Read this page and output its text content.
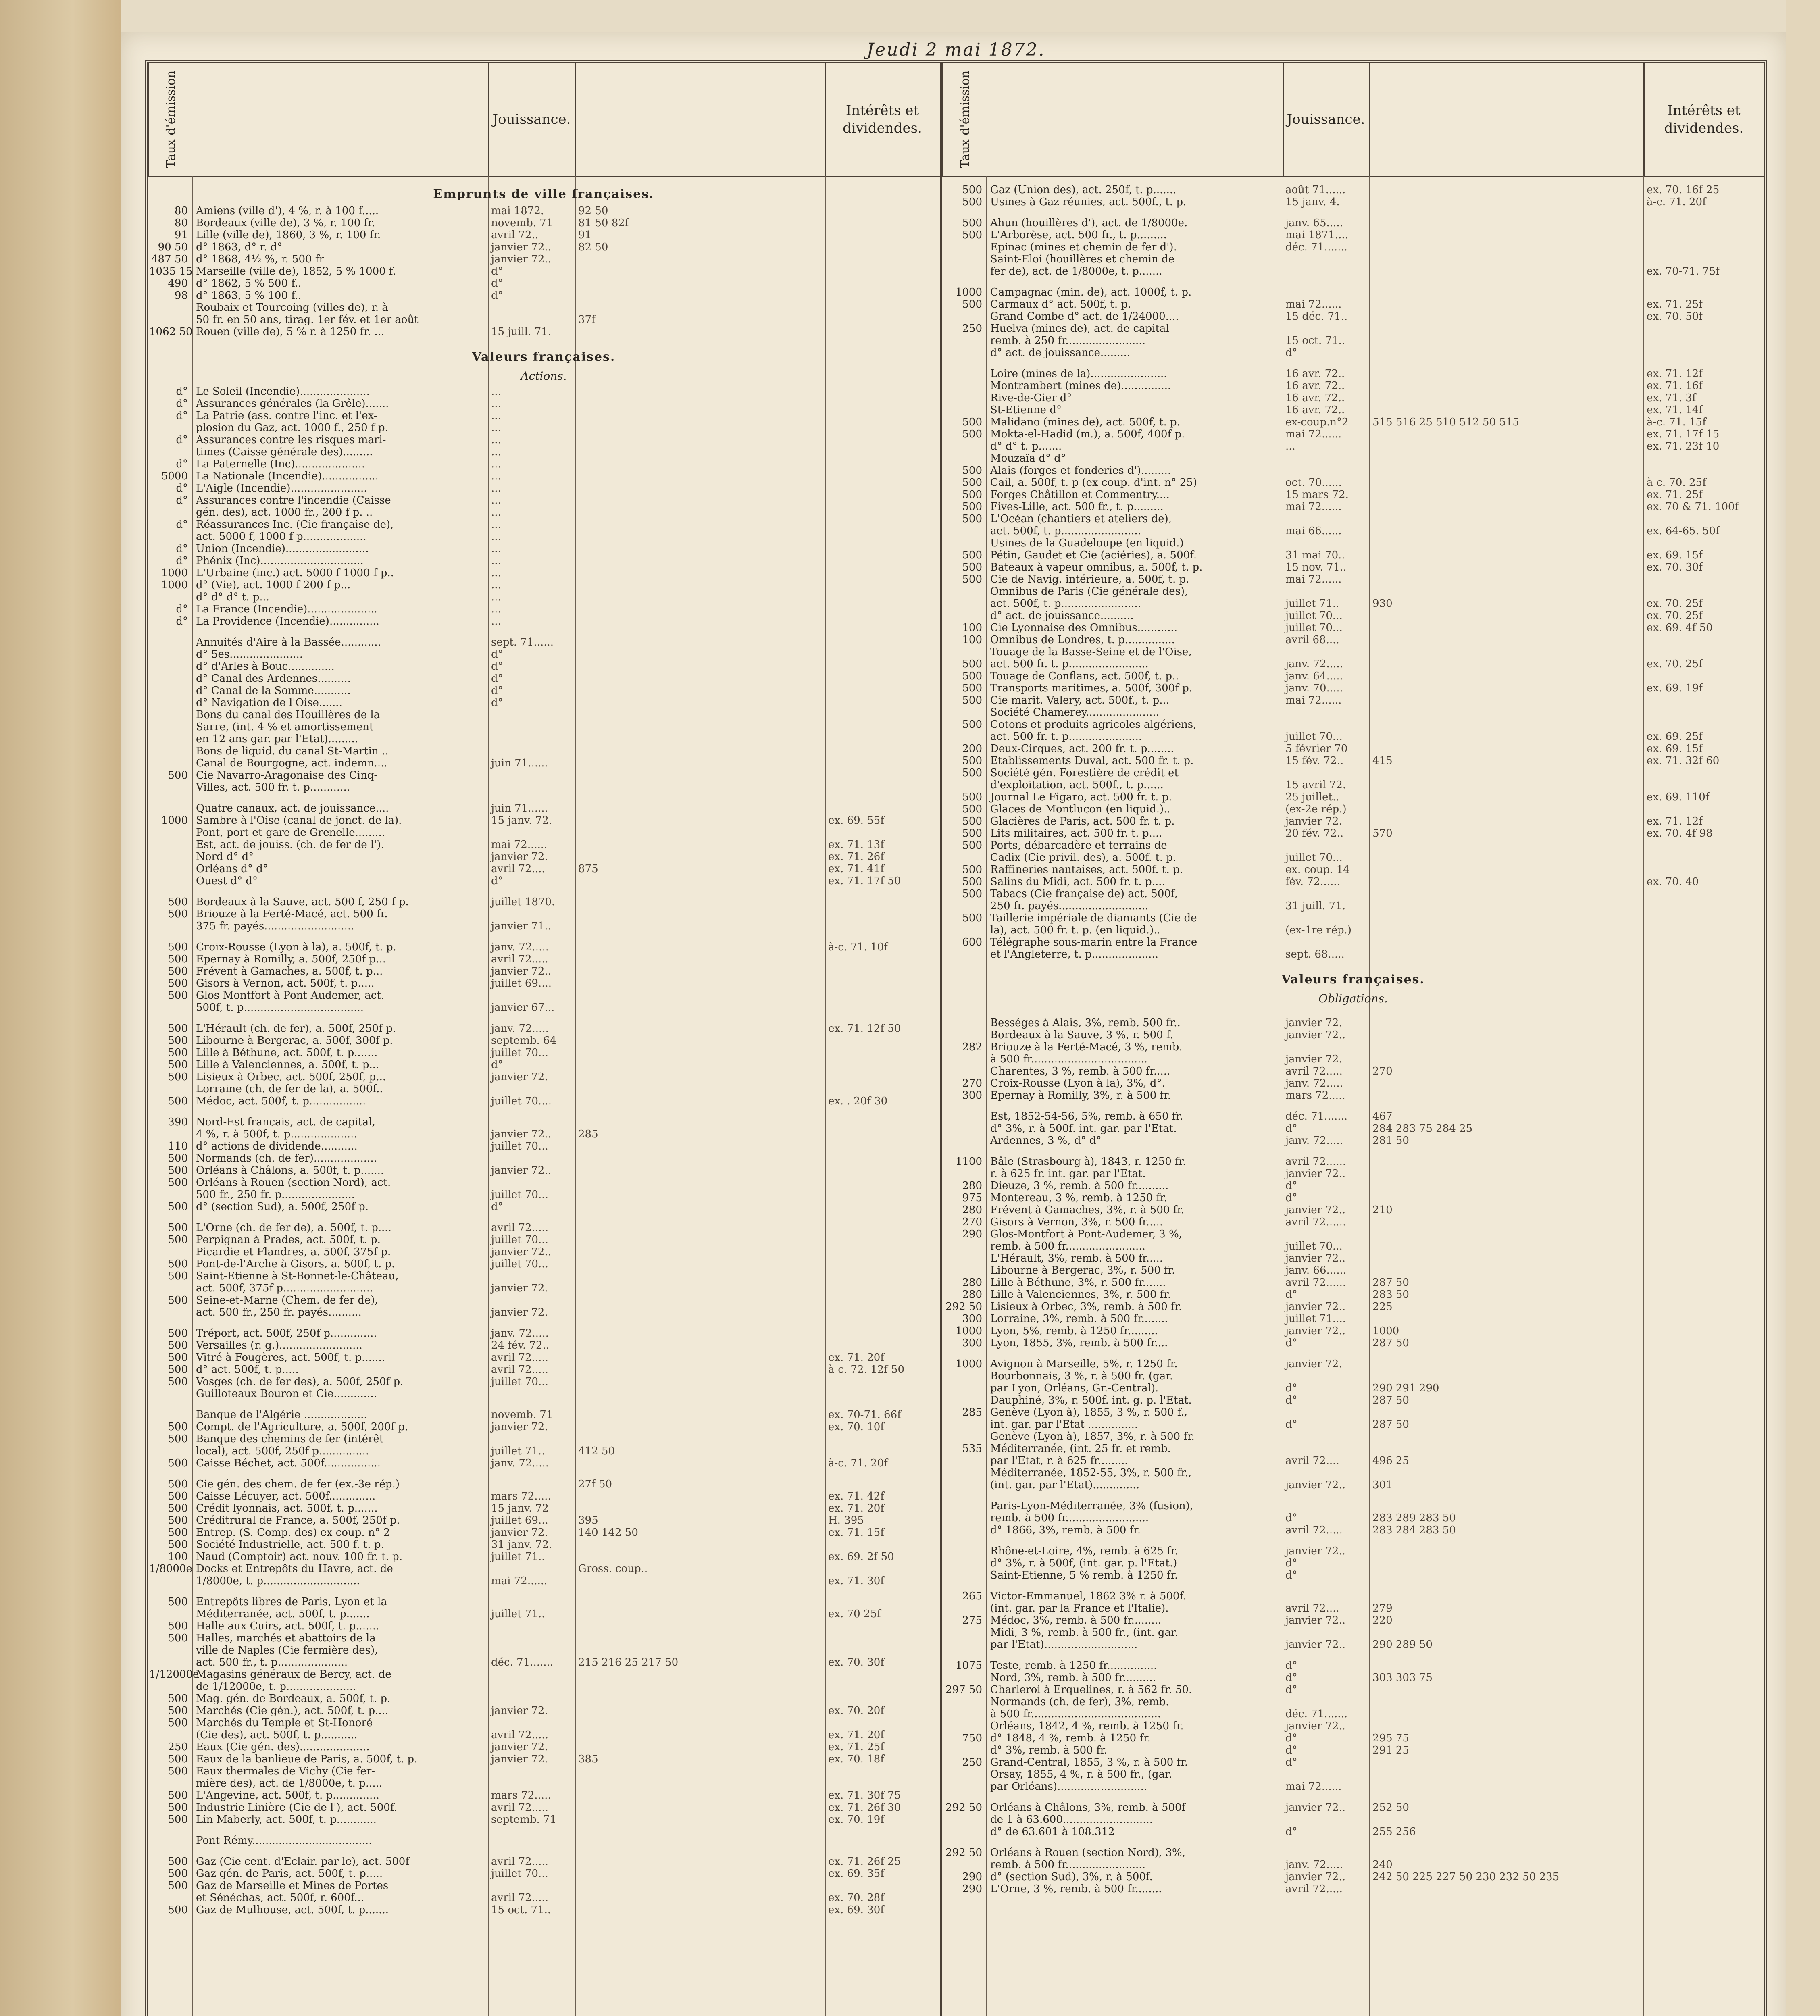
Jeudi 2 mai 1872.
Taux d'émission	Jouissance.
Intérêts et dividendes.
Emprunts de ville françaises.
80 Amiens (ville d'), 4 %, r. à 100 f.....	mai 1872.	92 50
80 Bordeaux (ville de), 3 %, r. 100 fr.	novemb. 71	81 50 82f
91 Lille (ville de), 1860, 3 %, r. 100 fr.	avril 72..	91
90 50 d° 1863, d° r. d°	janvier 72..	82 50
487 50 d° 1868, 4½ %, r. 500 fr	janvier 72..
1035 15 Marseille (ville de), 1852, 5 % 1000 f.	d°
490 d° 1862, 5 % 500 f..	d°
98 d° 1863, 5 % 100 f..	d°
Roubaix et Tourcoing (villes de), r. à
50 fr. en 50 ans, tirag. 1er fév. et 1er août	37f
1062 50 Rouen (ville de), 5 % r. à 1250 fr. ...	15 juill. 71.
Valeurs françaises.
Actions.
d° Le Soleil (Incendie).....................	...
d° Assurances générales (la Grêle).......	...
d° La Patrie (ass. contre l'inc. et l'ex-	...
plosion du Gaz, act. 1000 f., 250 f p.	...
d° Assurances contre les risques mari-	...
times (Caisse générale des).........	...
d° La Paternelle (Inc).....................	...
5000 La Nationale (Incendie).................	...
d° L'Aigle (Incendie).......................	...
d° Assurances contre l'incendie (Caisse	...
gén. des), act. 1000 fr., 200 f p. ..	...
d° Réassurances Inc. (Cie française de),	...
act. 5000 f, 1000 f p...................	...
d° Union (Incendie).........................	...
d° Phénix (Inc)...............................	...
1000 L'Urbaine (inc.) act. 5000 f 1000 f p..	...
1000 d° (Vie), act. 1000 f 200 f p...	...
d° d° d° t. p...	...
d° La France (Incendie).....................	...
d° La Providence (Incendie)...............	...
Annuités d'Aire à la Bassée............	sept. 71......
d° 5es......................	d°
d° d'Arles à Bouc..............	d°
d° Canal des Ardennes..........	d°
d° Canal de la Somme...........	d°
d° Navigation de l'Oise.......	d°
Bons du canal des Houillères de la
Sarre, (int. 4 % et amortissement
en 12 ans gar. par l'Etat).........
Bons de liquid. du canal St-Martin ..
Canal de Bourgogne, act. indemn....	juin 71......
500 Cie Navarro-Aragonaise des Cinq-
Villes, act. 500 fr. t. p............
Quatre canaux, act. de jouissance....	juin 71......
1000 Sambre à l'Oise (canal de jonct. de la).	15 janv. 72.	ex. 69. 55f
Pont, port et gare de Grenelle.........
Est, act. de jouiss. (ch. de fer de l').	mai 72......	ex. 71. 13f
Nord d° d°	janvier 72.	ex. 71. 26f
Orléans d° d°	avril 72....	875	ex. 71. 41f
Ouest d° d°	d°	ex. 71. 17f 50
500 Bordeaux à la Sauve, act. 500 f, 250 f p.	juillet 1870.
500 Briouze à la Ferté-Macé, act. 500 fr.
375 fr. payés...........................	janvier 71..
500 Croix-Rousse (Lyon à la), a. 500f, t. p.	janv. 72.....	à-c. 71. 10f
500 Epernay à Romilly, a. 500f, 250f p...	avril 72.....
500 Frévent à Gamaches, a. 500f, t. p...	janvier 72..
500 Gisors à Vernon, act. 500f, t. p.....	juillet 69....
500 Glos-Montfort à Pont-Audemer, act.
500f, t. p....................................	janvier 67...
500 L'Hérault (ch. de fer), a. 500f, 250f p.	janv. 72.....	ex. 71. 12f 50
500 Libourne à Bergerac, a. 500f, 300f p.	septemb. 64
500 Lille à Béthune, act. 500f, t. p.......	juillet 70...
500 Lille à Valenciennes, a. 500f, t. p...	d°
500 Lisieux à Orbec, act. 500f, 250f, p...	janvier 72.
Lorraine (ch. de fer de la), a. 500f..
500 Médoc, act. 500f, t. p.................	juillet 70....	ex. . 20f 30
390 Nord-Est français, act. de capital,
4 %, r. à 500f, t. p....................	janvier 72..	285
110 d° actions de dividende...........	juillet 70...
500 Normands (ch. de fer)...................
500 Orléans à Châlons, a. 500f, t. p.......	janvier 72..
500 Orléans à Rouen (section Nord), act.
500 fr., 250 fr. p......................	juillet 70...
500 d° (section Sud), a. 500f, 250f p.	d°
500 L'Orne (ch. de fer de), a. 500f, t. p....	avril 72.....
500 Perpignan à Prades, act. 500f, t. p.	juillet 70...
Picardie et Flandres, a. 500f, 375f p.	janvier 72..
500 Pont-de-l'Arche à Gisors, a. 500f, t. p.	juillet 70...
500 Saint-Etienne à St-Bonnet-le-Château,
act. 500f, 375f p...........................	janvier 72.
500 Seine-et-Marne (Chem. de fer de),
act. 500 fr., 250 fr. payés..........	janvier 72.
500 Tréport, act. 500f, 250f p..............	janv. 72.....
500 Versailles (r. g.).........................	24 fév. 72..
500 Vitré à Fougères, act. 500f, t. p.......	avril 72.....	ex. 71. 20f
500 d° act. 500f, t. p.....	avril 72.....	à-c. 72. 12f 50
500 Vosges (ch. de fer des), a. 500f, 250f p.	juillet 70...
Guilloteaux Bouron et Cie.............
Banque de l'Algérie ...................	novemb. 71	ex. 70-71. 66f
500 Compt. de l'Agriculture, a. 500f, 200f p.	janvier 72.	ex. 70. 10f
500 Banque des chemins de fer (intérêt
local), act. 500f, 250f p...............	juillet 71..	412 50
500 Caisse Béchet, act. 500f.................	janv. 72.....	à-c. 71. 20f
500 Cie gén. des chem. de fer (ex.-3e rép.)	27f 50
500 Caisse Lécuyer, act. 500f..............	mars 72.....	ex. 71. 42f
500 Crédit lyonnais, act. 500f, t. p.......	15 janv. 72	ex. 71. 20f
500 Créditrural de France, a. 500f, 250f p.	juillet 69...	395	H. 395
500 Entrep. (S.-Comp. des) ex-coup. n° 2	janvier 72.	140 142 50	ex. 71. 15f
500 Société Industrielle, act. 500 f. t. p.	31 janv. 72.
100 Naud (Comptoir) act. nouv. 100 fr. t. p.	juillet 71..	ex. 69. 2f 50
1/8000e Docks et Entrepôts du Havre, act. de	Gross. coup..
1/8000e, t. p.............................	mai 72......	ex. 71. 30f
500 Entrepôts libres de Paris, Lyon et la
Méditerranée, act. 500f, t. p.......	juillet 71..	ex. 70 25f
500 Halle aux Cuirs, act. 500f, t. p.......
500 Halles, marchés et abattoirs de la
ville de Naples (Cie fermière des),
act. 500 fr., t. p.....................	déc. 71.......	215 216 25 217 50	ex. 70. 30f
1/12000e
Magasins généraux de Bercy, act. de
de 1/12000e, t. p.....................
500 Mag. gén. de Bordeaux, a. 500f, t. p.
500 Marchés (Cie gén.), act. 500f, t. p....	janvier 72.	ex. 70. 20f
500 Marchés du Temple et St-Honoré
(Cie des), act. 500f, t. p...........	avril 72.....	ex. 71. 20f
250 Eaux (Cie gén. des).....................	janvier 72.	ex. 71. 25f
500 Eaux de la banlieue de Paris, a. 500f, t. p.	janvier 72.	385	ex. 70. 18f
500 Eaux thermales de Vichy (Cie fer-
mière des), act. de 1/8000e, t. p.....
500 L'Angevine, act. 500f, t. p..............	mars 72.....	ex. 71. 30f 75
500 Industrie Linière (Cie de l'), act. 500f.	avril 72.....	ex. 71. 26f 30
500 Lin Maberly, act. 500f, t. p............	septemb. 71	ex. 70. 19f
Pont-Rémy....................................
500 Gaz (Cie cent. d'Eclair. par le), act. 500f	avril 72.....	ex. 71. 26f 25
500 Gaz gén. de Paris, act. 500f, t. p.....	juillet 70...	ex. 69. 35f
500 Gaz de Marseille et Mines de Portes
et Sénéchas, act. 500f, r. 600f...	avril 72.....	ex. 70. 28f
500 Gaz de Mulhouse, act. 500f, t. p.......	15 oct. 71..	ex. 69. 30f
Taux d'émission	Jouissance.
Intérêts et dividendes.
500 Gaz (Union des), act. 250f, t. p.......	août 71......	ex. 70. 16f 25
500 Usines à Gaz réunies, act. 500f., t. p.	15 janv. 4.	à-c. 71. 20f
500 Ahun (houillères d'), act. de 1/8000e.	janv. 65.....
500 L'Arborèse, act. 500 fr., t. p.........	mai 1871....
Epinac (mines et chemin de fer d').	déc. 71.......
Saint-Eloi (houillères et chemin de
fer de), act. de 1/8000e, t. p.......	ex. 70-71. 75f
1000 Campagnac (min. de), act. 1000f, t. p.
500 Carmaux d° act. 500f, t. p.	mai 72......	ex. 71. 25f
Grand-Combe d° act. de 1/24000....	15 déc. 71..	ex. 70. 50f
250 Huelva (mines de), act. de capital
remb. à 250 fr........................	15 oct. 71..
d° act. de jouissance.........	d°
Loire (mines de la).......................	16 avr. 72..	ex. 71. 12f
Montrambert (mines de)...............	16 avr. 72..	ex. 71. 16f
Rive-de-Gier d°	16 avr. 72..	ex. 71. 3f
St-Etienne d°	16 avr. 72..	ex. 71. 14f
500 Malidano (mines de), act. 500f, t. p.	ex-coup.n°2	515 516 25 510 512 50 515	à-c. 71. 15f
500 Mokta-el-Hadid (m.), a. 500f, 400f p.	mai 72......	ex. 71. 17f 15
d° d° t. p.......	...	ex. 71. 23f 10
Mouzaïa d° d°
500 Alais (forges et fonderies d').........
500 Cail, a. 500f, t. p (ex-coup. d'int. n° 25)	oct. 70......	à-c. 70. 25f
500 Forges Châtillon et Commentry....	15 mars 72.	ex. 71. 25f
500 Fives-Lille, act. 500 fr., t. p.........	mai 72......	ex. 70 & 71. 100f
500 L'Océan (chantiers et ateliers de),
act. 500f, t. p........................	mai 66......	ex. 64-65. 50f
Usines de la Guadeloupe (en liquid.)
500 Pétin, Gaudet et Cie (aciéries), a. 500f.	31 mai 70..	ex. 69. 15f
500 Bateaux à vapeur omnibus, a. 500f, t. p.	15 nov. 71..	ex. 70. 30f
500 Cie de Navig. intérieure, a. 500f, t. p.	mai 72......
Omnibus de Paris (Cie générale des),
act. 500f, t. p........................	juillet 71..	930	ex. 70. 25f
d° act. de jouissance..........	juillet 70...	ex. 70. 25f
100 Cie Lyonnaise des Omnibus............	juillet 70...	ex. 69. 4f 50
100 Omnibus de Londres, t. p...............	avril 68....
Touage de la Basse-Seine et de l'Oise,
500 act. 500 fr. t. p........................	janv. 72.....	ex. 70. 25f
500 Touage de Conflans, act. 500f, t. p..	janv. 64.....
500 Transports maritimes, a. 500f, 300f p.	janv. 70.....	ex. 69. 19f
500 Cie marit. Valery, act. 500f., t. p...	mai 72......
Société Chamerey......................
500 Cotons et produits agricoles algériens,
act. 500 fr. t. p......................	juillet 70...	ex. 69. 25f
200 Deux-Cirques, act. 200 fr. t. p........	5 février 70	ex. 69. 15f
500 Etablissements Duval, act. 500 fr. t. p.	15 fév. 72..	415	ex. 71. 32f 60
500 Société gén. Forestière de crédit et
d'exploitation, act. 500f., t. p......	15 avril 72.
500 Journal Le Figaro, act. 500 fr. t. p.	25 juillet..	ex. 69. 110f
500 Glaces de Montluçon (en liquid.)..	(ex-2e rép.)
500 Glacières de Paris, act. 500 fr. t. p.	janvier 72.	ex. 71. 12f
500 Lits militaires, act. 500 fr. t. p....	20 fév. 72..	570	ex. 70. 4f 98
500 Ports, débarcadère et terrains de
Cadix (Cie privil. des), a. 500f. t. p.	juillet 70...
500 Raffineries nantaises, act. 500f. t. p.	ex. coup. 14
500 Salins du Midi, act. 500 fr. t. p....	fév. 72......	ex. 70. 40
500 Tabacs (Cie française de) act. 500f,
250 fr. payés...........................	31 juill. 71.
500 Taillerie impériale de diamants (Cie de
la), act. 500 fr. t. p. (en liquid.)..	(ex-1re rép.)
600 Télégraphe sous-marin entre la France
et l'Angleterre, t. p....................	sept. 68.....
Valeurs françaises.
Obligations.
Bességes à Alais, 3%, remb. 500 fr..	janvier 72.
Bordeaux à la Sauve, 3 %, r. 500 f.	janvier 72..
282 Briouze à la Ferté-Macé, 3 %, remb.
à 500 fr...................................	janvier 72.
Charentes, 3 %, remb. à 500 fr.....	avril 72.....	270
270 Croix-Rousse (Lyon à la), 3%, d°.	janv. 72.....
300 Epernay à Romilly, 3%, r. à 500 fr.	mars 72.....
Est, 1852-54-56, 5%, remb. à 650 fr.	déc. 71.......	467
d° 3%, r. à 500f. int. gar. par l'Etat.	d°	284 283 75 284 25
Ardennes, 3 %, d° d°	janv. 72.....	281 50
1100 Bâle (Strasbourg à), 1843, r. 1250 fr.	avril 72......
r. à 625 fr. int. gar. par l'Etat.	janvier 72..
280 Dieuze, 3 %, remb. à 500 fr..........	d°
975 Montereau, 3 %, remb. à 1250 fr.	d°
280 Frévent à Gamaches, 3%, r. à 500 fr.	janvier 72..	210
270 Gisors à Vernon, 3%, r. 500 fr.....	avril 72......
290 Glos-Montfort à Pont-Audemer, 3 %,
remb. à 500 fr........................	juillet 70...
L'Hérault, 3%, remb. à 500 fr.....	janvier 72..
Libourne à Bergerac, 3%, r. 500 fr.	janv. 66......
280 Lille à Béthune, 3%, r. 500 fr.......	avril 72......	287 50
280 Lille à Valenciennes, 3%, r. 500 fr.	d°	283 50
292 50 Lisieux à Orbec, 3%, remb. à 500 fr.	janvier 72..	225
300 Lorraine, 3%, remb. à 500 fr........	juillet 71....
1000 Lyon, 5%, remb. à 1250 fr.........	janvier 72..	1000
300 Lyon, 1855, 3%, remb. à 500 fr....	d°	287 50
1000 Avignon à Marseille, 5%, r. 1250 fr.	janvier 72.
Bourbonnais, 3 %, r. à 500 fr. (gar.
par Lyon, Orléans, Gr.-Central).	d°	290 291 290
Dauphiné, 3%, r. 500f. int. g. p. l'Etat.	d°	287 50
285 Genève (Lyon à), 1855, 3 %, r. 500 f.,
int. gar. par l'Etat ...............	d°	287 50
Genève (Lyon à), 1857, 3%, r. à 500 fr.
535 Méditerranée, (int. 25 fr. et remb.
par l'Etat, r. à 625 fr.........	avril 72....	496 25
Méditerranée, 1852-55, 3%, r. 500 fr.,
(int. gar. par l'Etat)..............	janvier 72..	301
Paris-Lyon-Méditerranée, 3% (fusion),
remb. à 500 fr.........................	d°	283 289 283 50
d° 1866, 3%, remb. à 500 fr.	avril 72.....	283 284 283 50
Rhône-et-Loire, 4%, remb. à 625 fr.	janvier 72..
d° 3%, r. à 500f, (int. gar. p. l'Etat.)	d°
Saint-Etienne, 5 % remb. à 1250 fr.	d°
265 Victor-Emmanuel, 1862 3% r. à 500f.
(int. gar. par la France et l'Italie).	avril 72....	279
275 Médoc, 3%, remb. à 500 fr.........	janvier 72..	220
Midi, 3 %, remb. à 500 fr., (int. gar.
par l'Etat)............................	janvier 72..	290 289 50
1075 Teste, remb. à 1250 fr...............	d°
Nord, 3%, remb. à 500 fr..........	d°	303 303 75
297 50 Charleroi à Erquelines, r. à 562 fr. 50.	d°
Normands (ch. de fer), 3%, remb.
à 500 fr.......................................	déc. 71.......
Orléans, 1842, 4 %, remb. à 1250 fr.	janvier 72..
750 d° 1848, 4 %, remb. à 1250 fr.	d°	295 75
d° 3%, remb. à 500 fr.	d°	291 25
250 Grand-Central, 1855, 3 %, r. à 500 fr.	d°
Orsay, 1855, 4 %, r. à 500 fr., (gar.
par Orléans)...........................	mai 72......
292 50 Orléans à Châlons, 3%, remb. à 500f	janvier 72..	252 50
de 1 à 63.600...........................
d° de 63.601 à 108.312	d°	255 256
292 50 Orléans à Rouen (section Nord), 3%,
remb. à 500 fr........................	janv. 72.....	240
290 d° (section Sud), 3%, r. à 500f.	janvier 72..	242 50 225 227 50 230 232 50 235
290 L'Orne, 3 %, remb. à 500 fr........	avril 72.....
